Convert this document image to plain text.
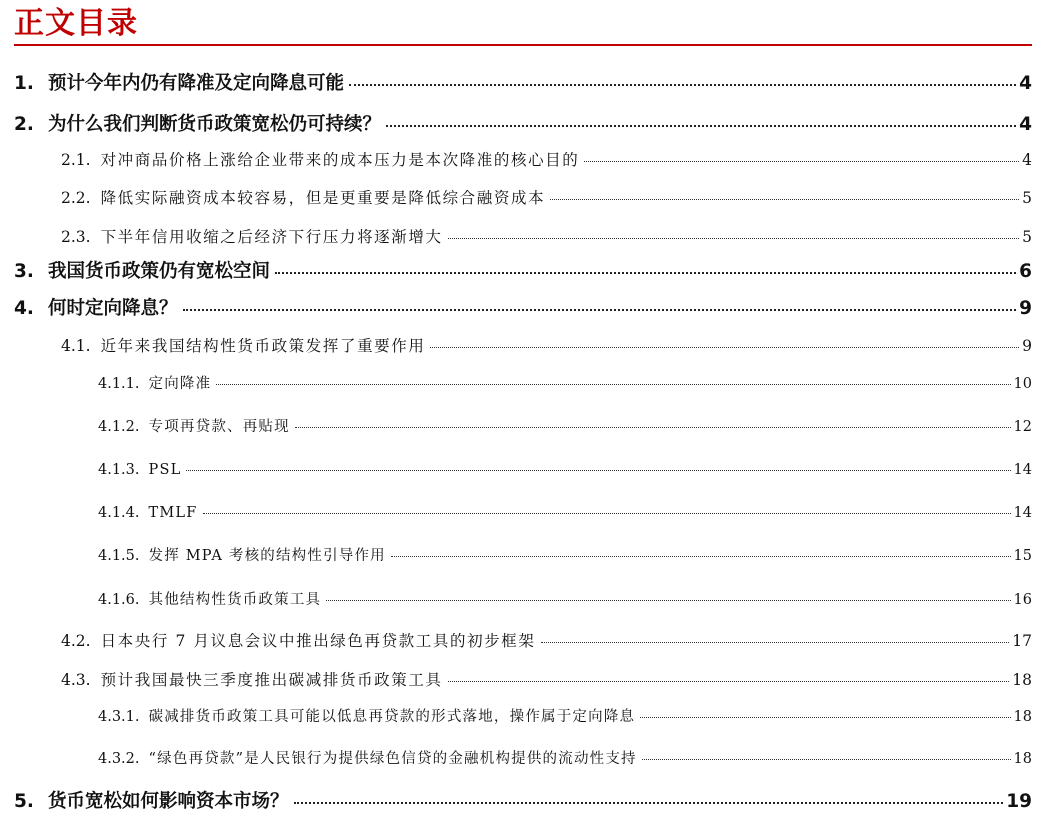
正文目录
1. 预计今年内仍有降准及定向降息可能	4
2. 为什么我们判断货币政策宽松仍可持续？	4
2.1. 对冲商品价格上涨给企业带来的成本压力是本次降准的核心目的	4
2.2. 降低实际融资成本较容易，但是更重要是降低综合融资成本	5
2.3. 下半年信用收缩之后经济下行压力将逐渐增大	5
3. 我国货币政策仍有宽松空间	6
4. 何时定向降息？	9
4.1. 近年来我国结构性货币政策发挥了重要作用	9
4.1.1. 定向降准	10
4.1.2. 专项再贷款、再贴现	12
4.1.3. PSL	14
4.1.4. TMLF	14
4.1.5. 发挥 MPA 考核的结构性引导作用	15
4.1.6. 其他结构性货币政策工具	16
4.2. 日本央行 7 月议息会议中推出绿色再贷款工具的初步框架	17
4.3. 预计我国最快三季度推出碳减排货币政策工具	18
4.3.1. 碳减排货币政策工具可能以低息再贷款的形式落地，操作属于定向降息	18
4.3.2. “绿色再贷款”是人民银行为提供绿色信贷的金融机构提供的流动性支持	18
5. 货币宽松如何影响资本市场？	19
